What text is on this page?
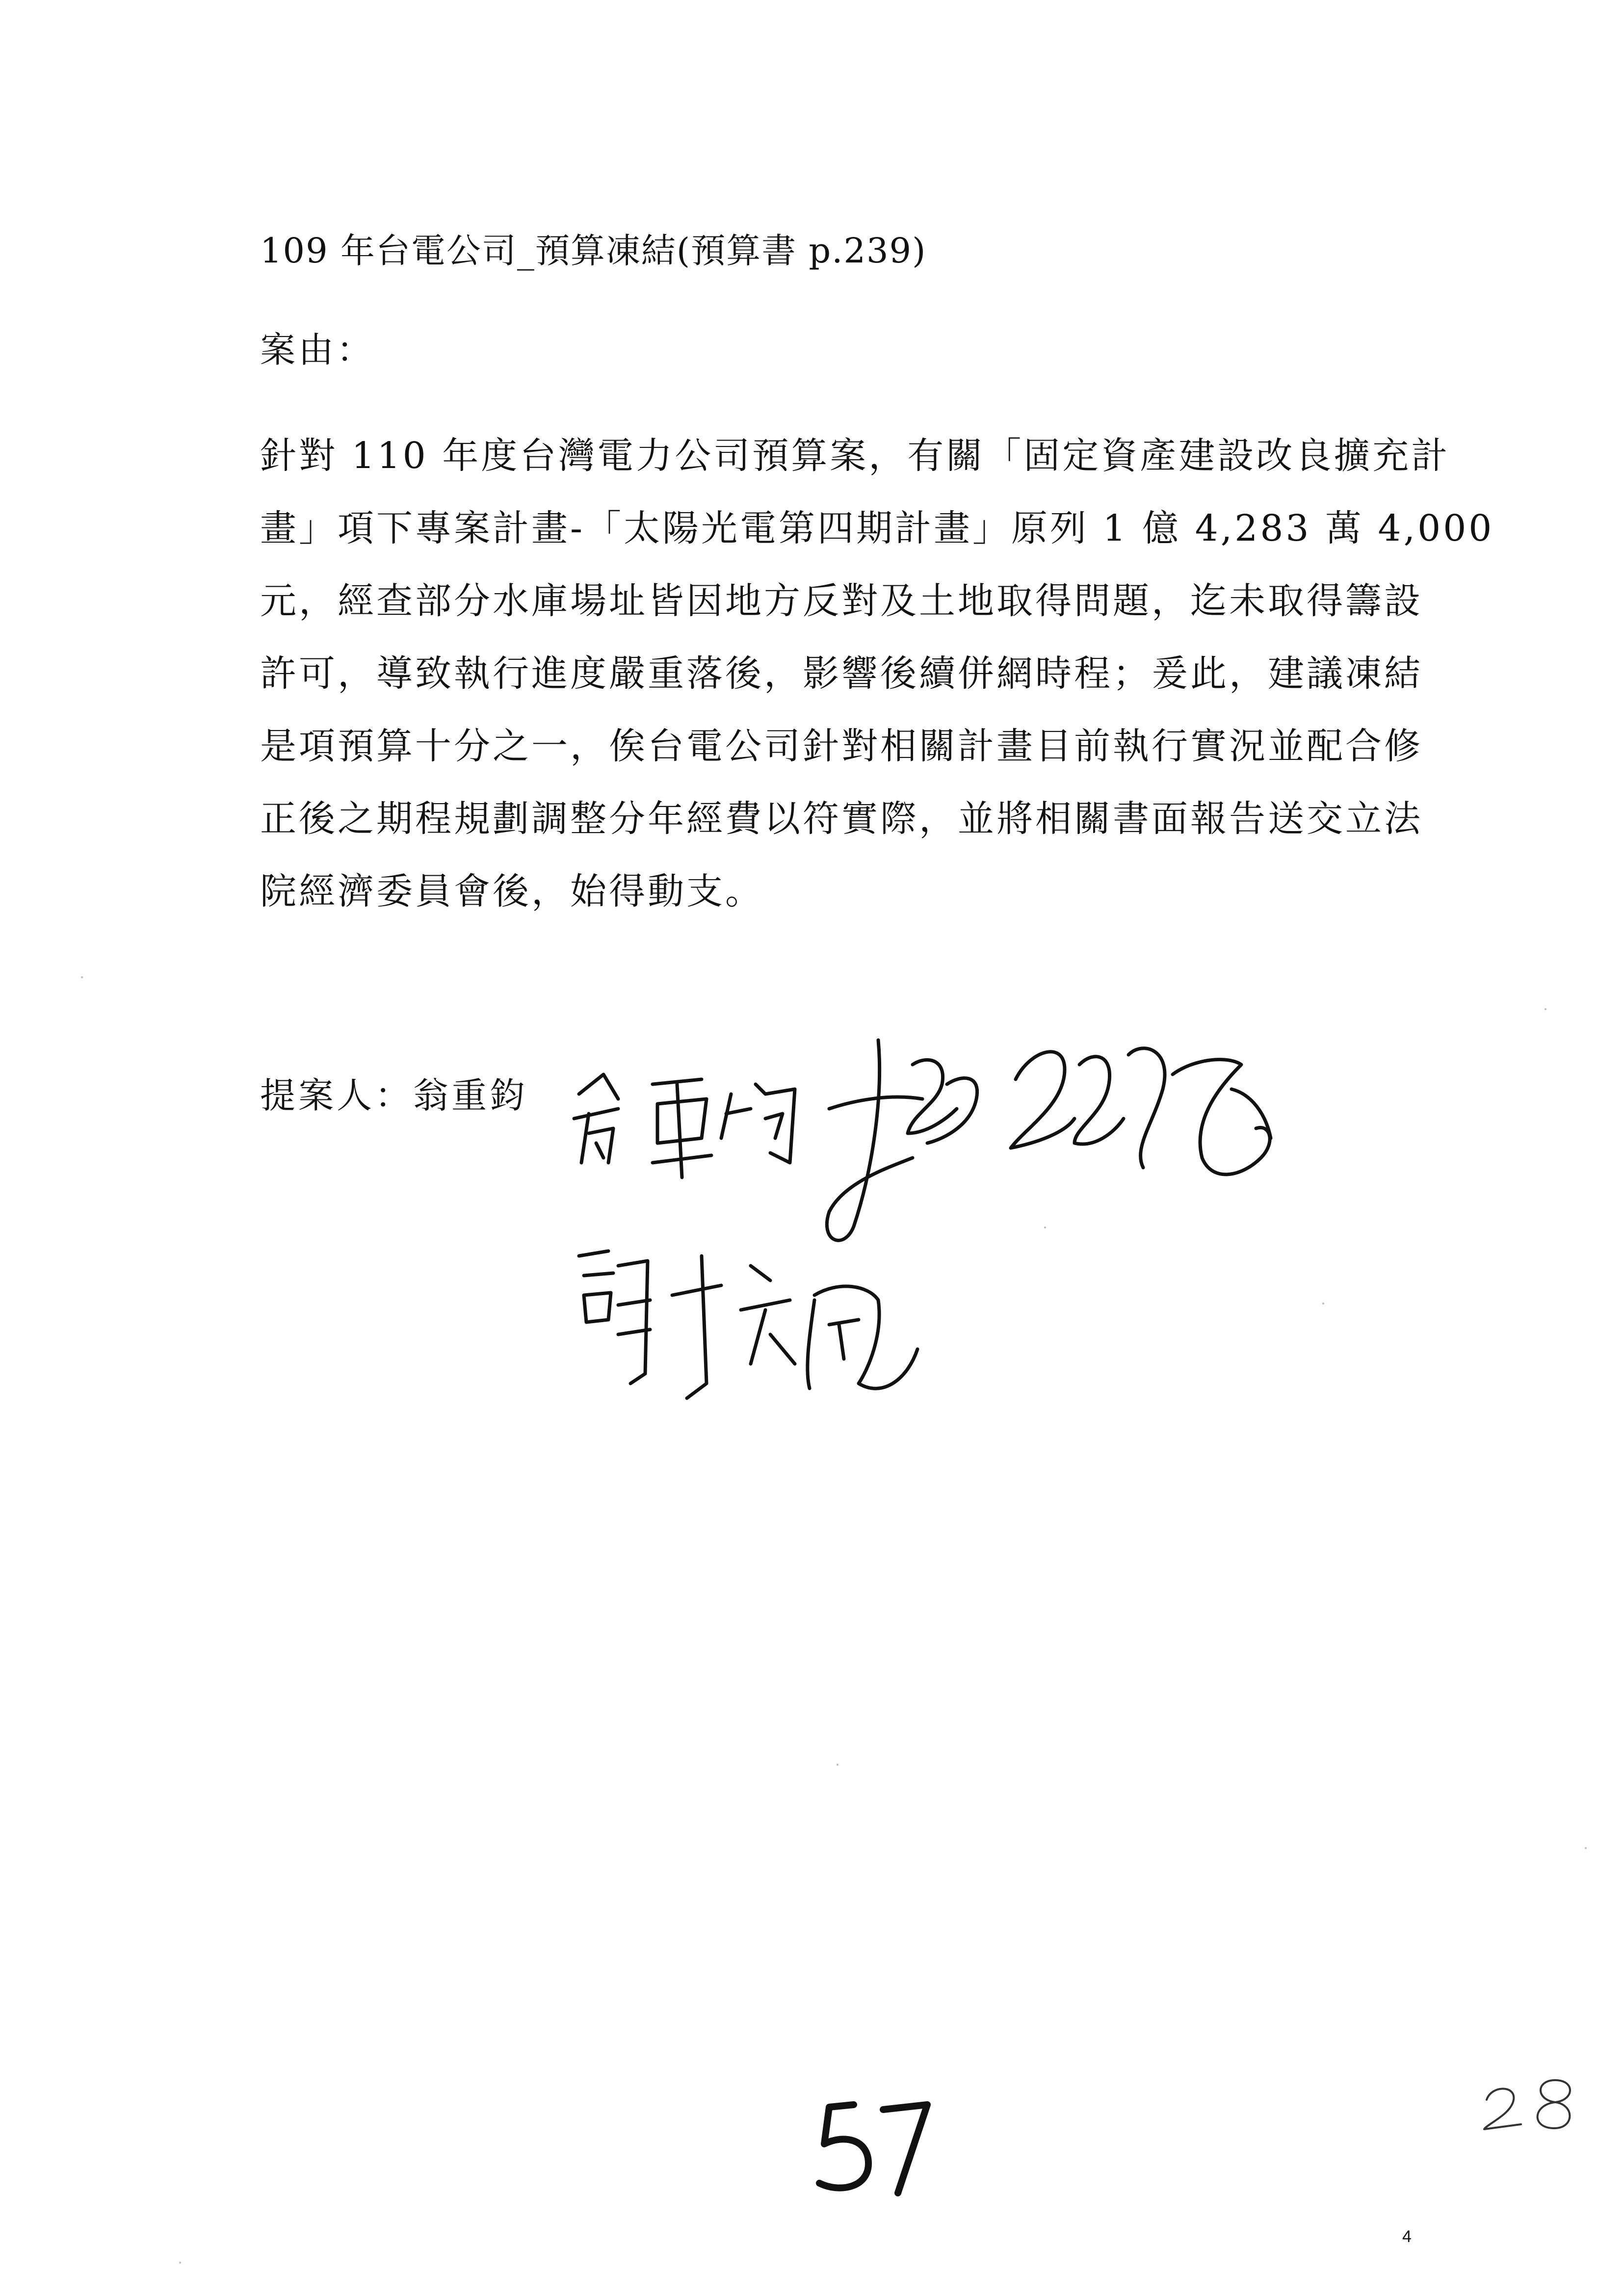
109 年台電公司_預算凍結(預算書 p.239)
案由：
針對 110 年度台灣電力公司預算案，有關「固定資產建設改良擴充計
畫」項下專案計畫-「太陽光電第四期計畫」原列 1 億 4,283 萬 4,000
元，經查部分水庫場址皆因地方反對及土地取得問題，迄未取得籌設
許可，導致執行進度嚴重落後，影響後續併網時程；爰此，建議凍結
是項預算十分之一，俟台電公司針對相關計畫目前執行實況並配合修
正後之期程規劃調整分年經費以符實際，並將相關書面報告送交立法
院經濟委員會後，始得動支。
提案人：翁重鈞
4
